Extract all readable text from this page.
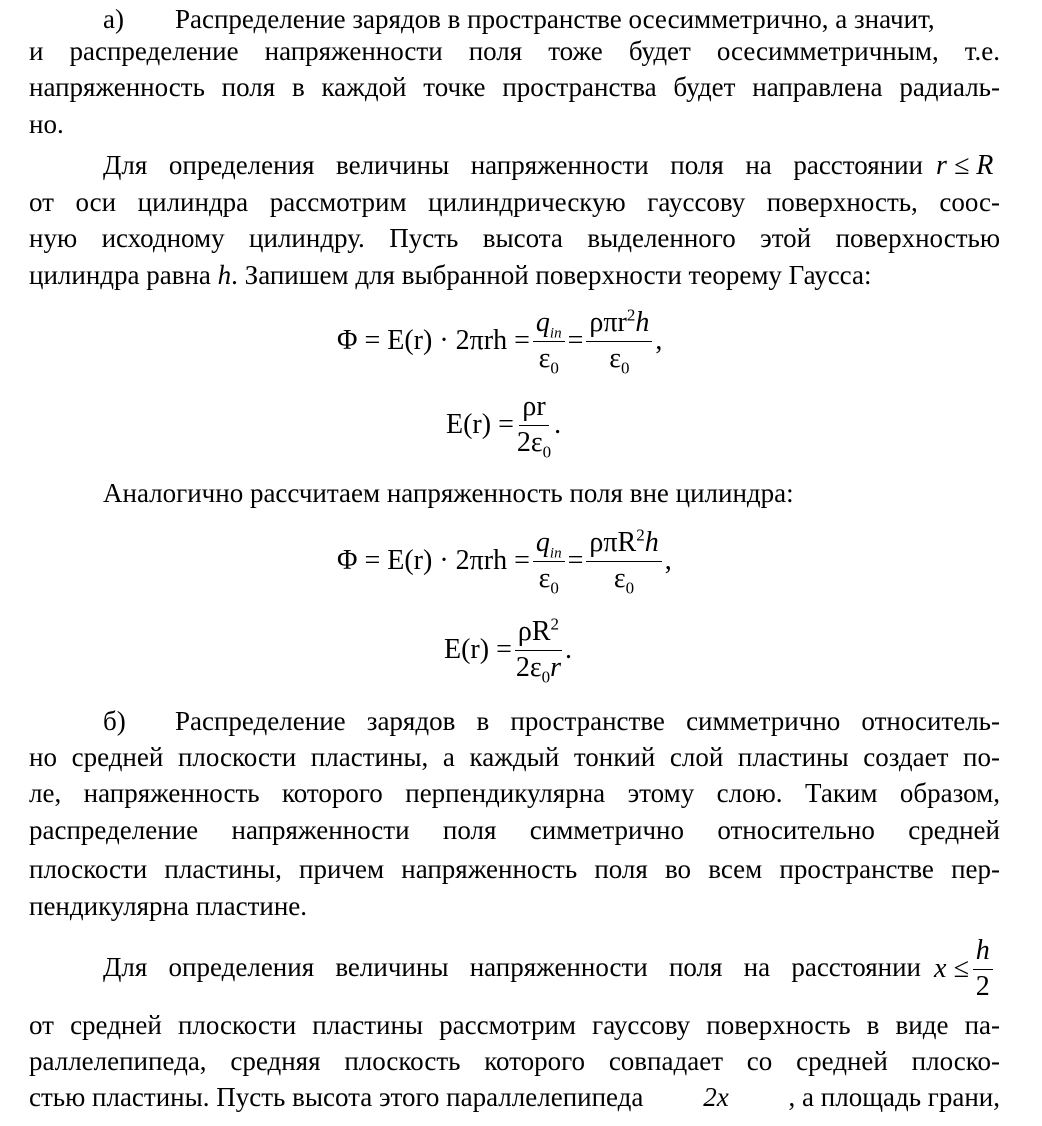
а) Распределение зарядов в пространстве осесимметрично, а значит,
и распределение напряженности поля тоже будет осесимметричным, т.е.
напряженность поля в каждой точке пространства будет направлена радиаль-
но.
Для определения величины напряженности поля на расстоянии r ≤ R
от оси цилиндра рассмотрим цилиндрическую гауссову поверхность, соос-
ную исходному цилиндру. Пусть высота выделенного этой поверхностью
цилиндра равна h. Запишем для выбранной поверхности теорему Гаусса:
$\Phi = E(r) \cdot 2\pi rh = \frac{q_{in}}{\varepsilon_0} = \frac{\rho\pi r^2h}{\varepsilon_0}$ ,
$E(r) = \frac{\rho r}{2\varepsilon_0}$ .
Аналогично рассчитаем напряженность поля вне цилиндра:
$\Phi = E(r) \cdot 2\pi rh = \frac{q_{in}}{\varepsilon_0} = \frac{\rho\pi R^2h}{\varepsilon_0}$ ,
$E(r) = \frac{\rho R^2}{2\varepsilon_0r}$ .
б) Распределение зарядов в пространстве симметрично относитель-
но средней плоскости пластины, а каждый тонкий слой пластины создает по-
ле, напряженность которого перпендикулярна этому слою. Таким образом,
распределение напряженности поля симметрично относительно средней
плоскости пластины, причем напряженность поля во всем пространстве пер-
пендикулярна пластине.
Для определения величины напряженности поля на расстоянии $x \le \frac{h}{2}$
от средней плоскости пластины рассмотрим гауссову поверхность в виде па-
раллелепипеда, средняя плоскость которого совпадает со средней плоско-
стью пластины. Пусть высота этого параллелепипеда 2x , а площадь грани,
